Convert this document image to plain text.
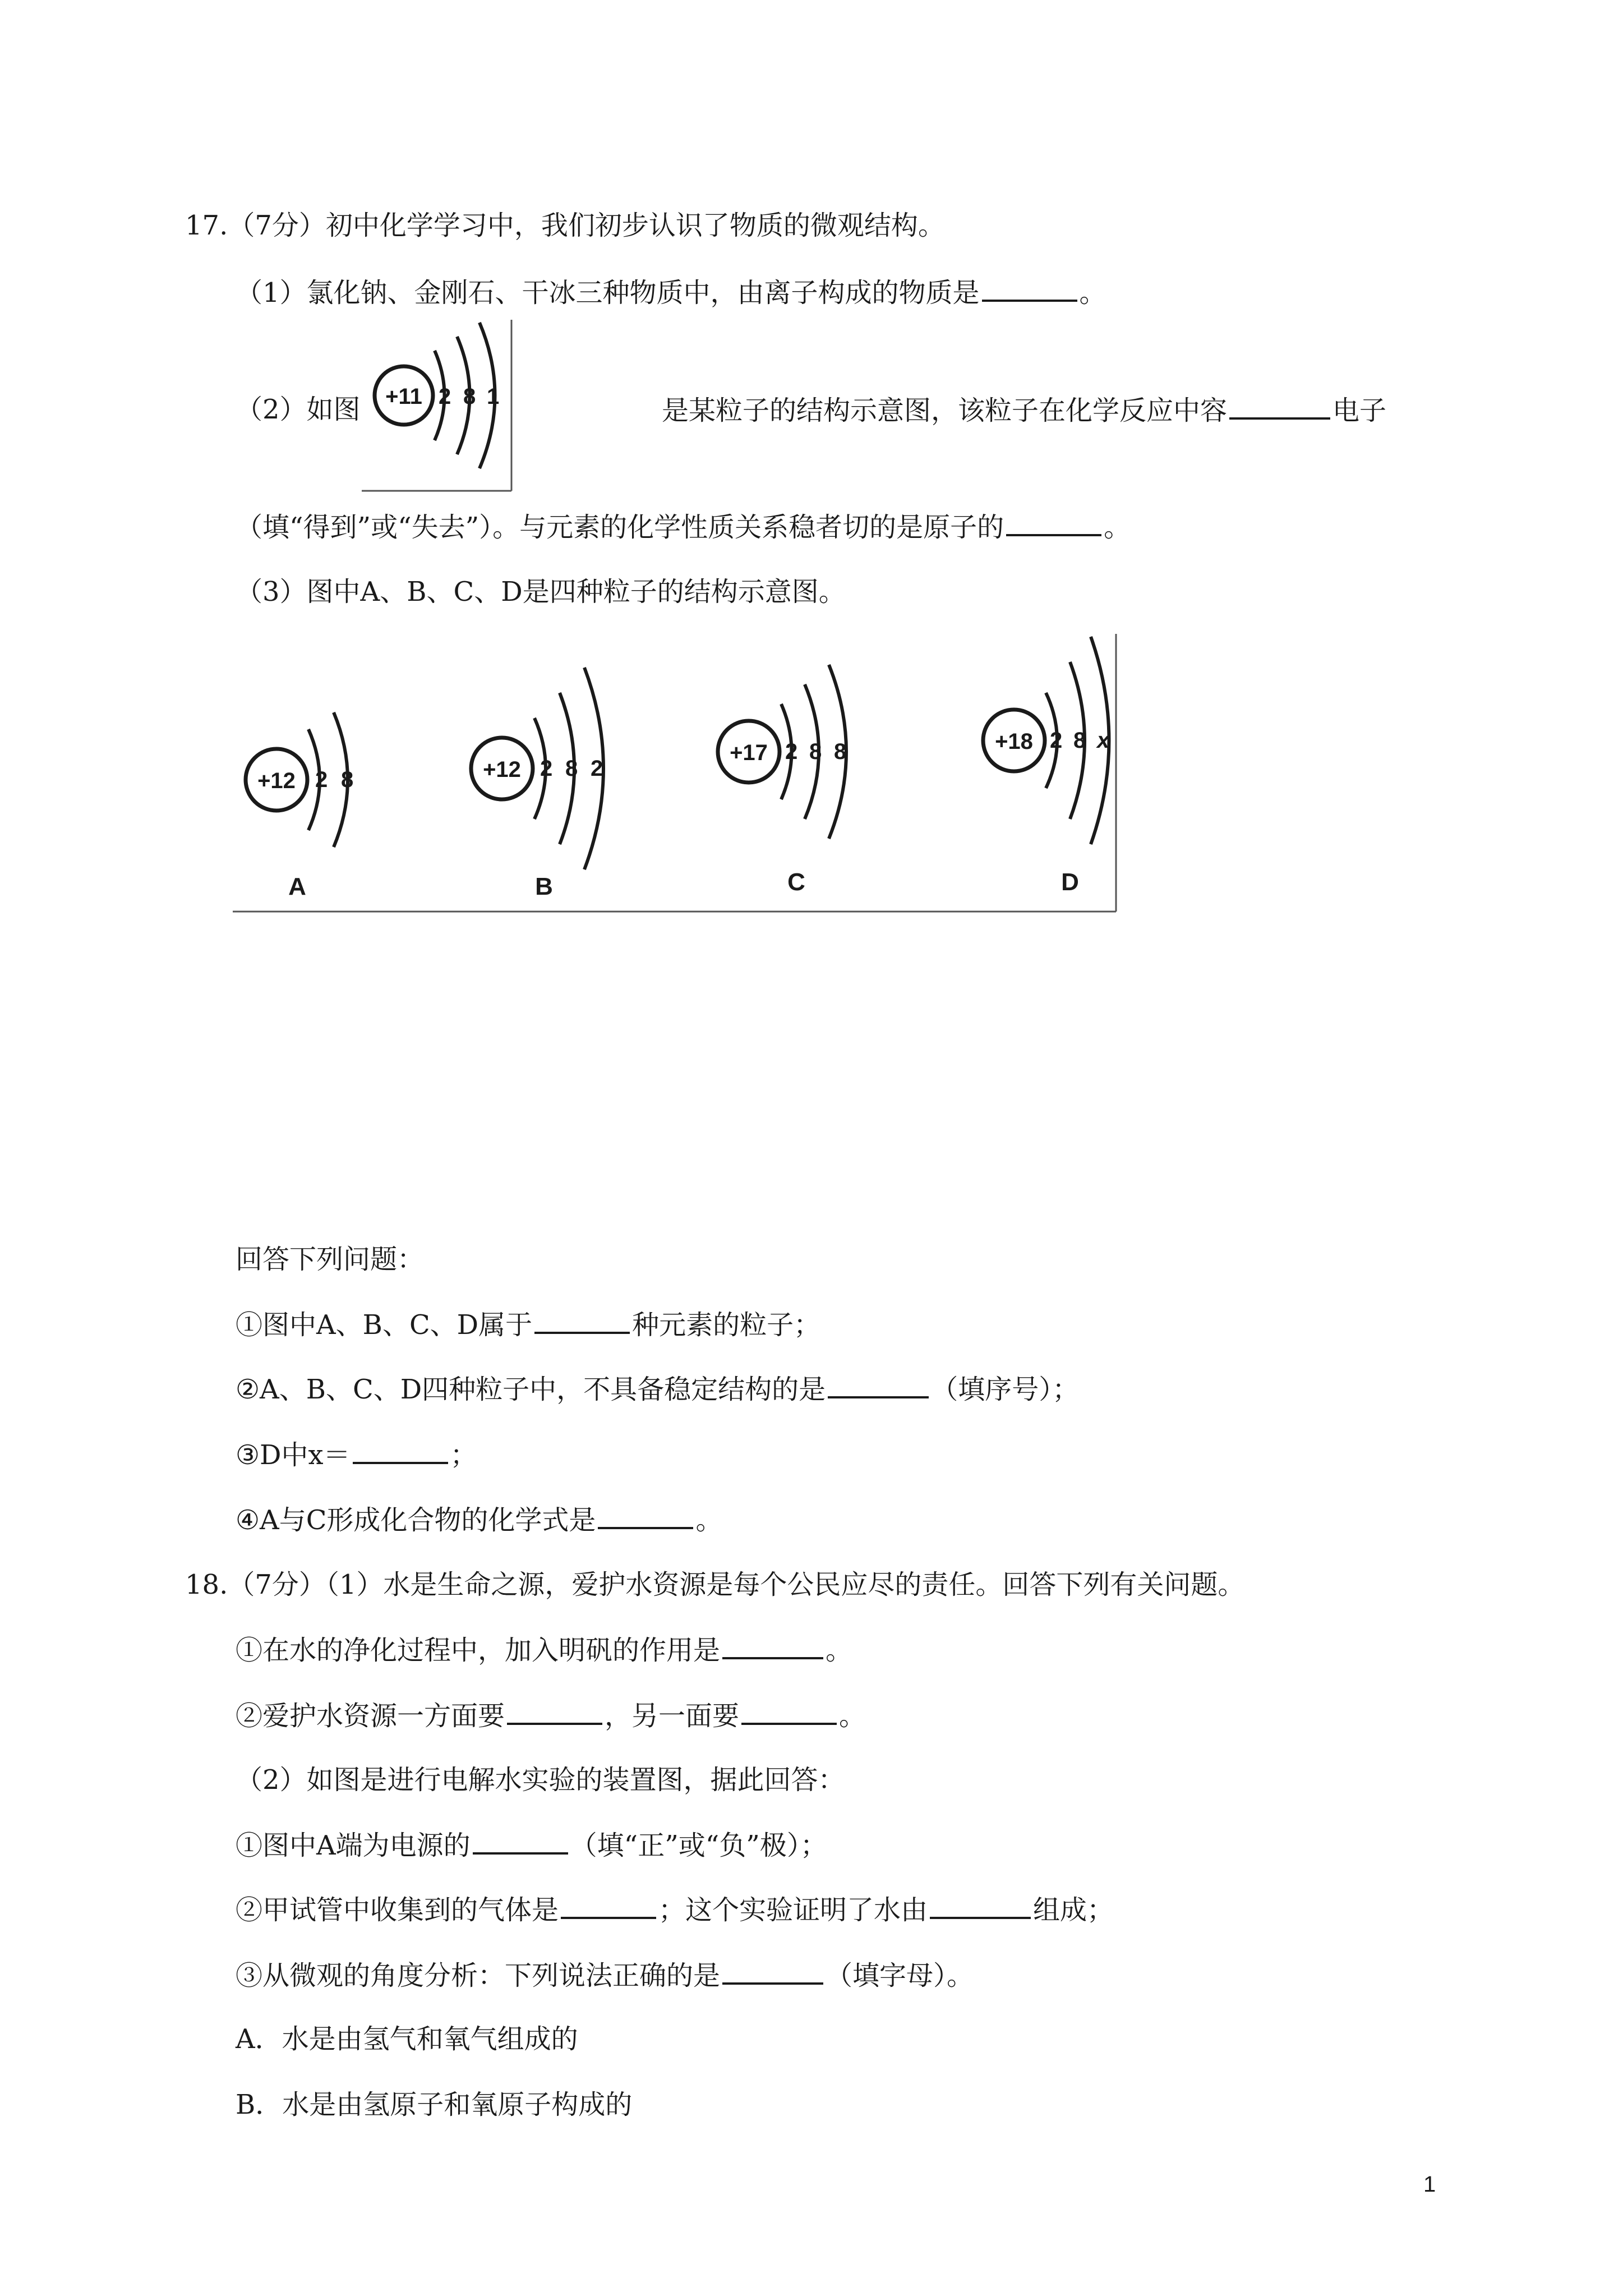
17.（7分）初中化学学习中，我们初步认识了物质的微观结构。
（1）氯化钠、金刚石、干冰三种物质中，由离子构成的物质是	。
（2）如图 +11 2 8 1	是某粒子的结构示意图，该粒子在化学反应中容	电子
（填“得到”或“失去”）。与元素的化学性质关系稳者切的是原子的	。
（3）图中A、B、C、D是四种粒子的结构示意图。
+12 2 8
A
+12 2 8 2
B
+17 2 8 8
C
+18 2 8 x
D
回答下列问题：
①图中A、B、C、D属于	种元素的粒子；
②A、B、C、D四种粒子中，不具备稳定结构的是	（填序号）；
③D中x＝	；
④A与C形成化合物的化学式是	。
18.（7分）（1）水是生命之源，爱护水资源是每个公民应尽的责任。回答下列有关问题。
①在水的净化过程中，加入明矾的作用是	。
②爱护水资源一方面要	，另一面要	。
（2）如图是进行电解水实验的装置图，据此回答：
①图中A端为电源的	（填“正”或“负”极）；
②甲试管中收集到的气体是	；这个实验证明了水由	组成；
③从微观的角度分析：下列说法正确的是	（填字母）。
A．水是由氢气和氧气组成的
B．水是由氢原子和氧原子构成的
1
